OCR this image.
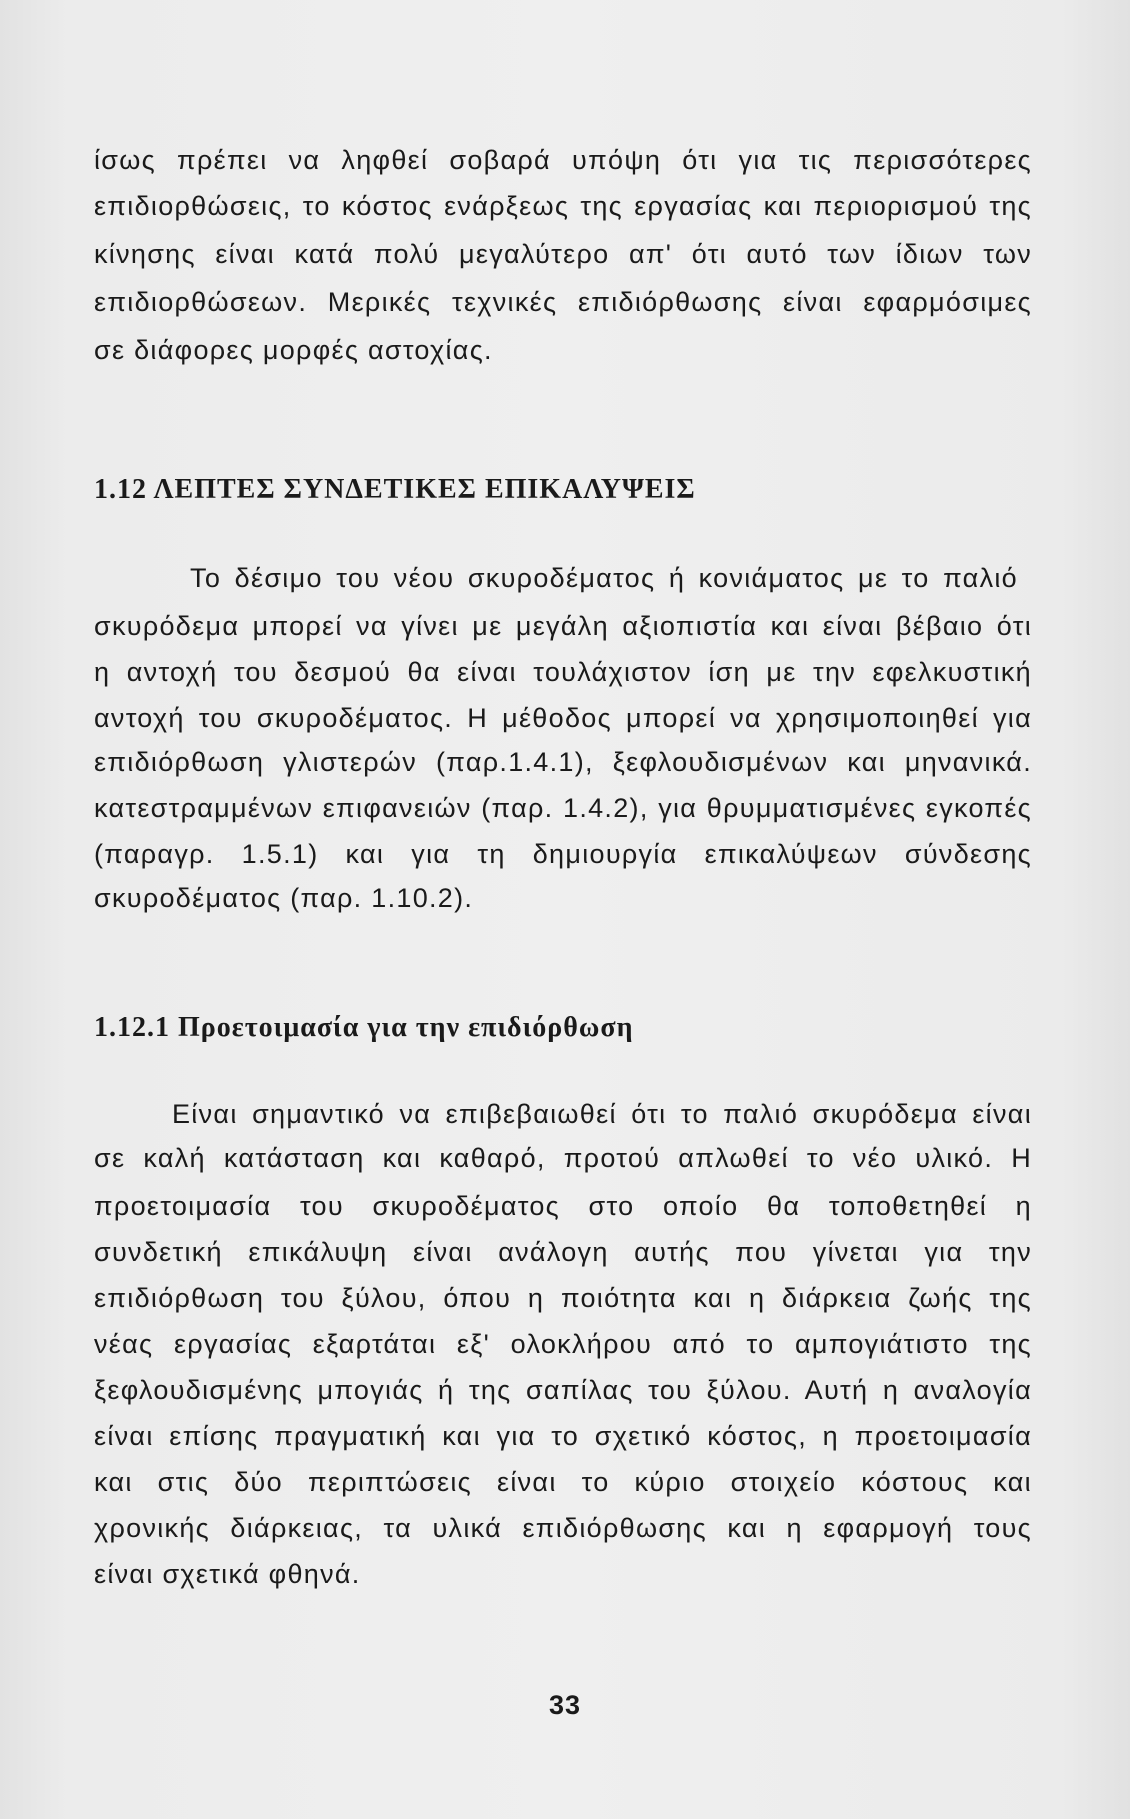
ίσως πρέπει να ληφθεί σοβαρά υπόψη ότι για τις περισσότερες

επιδιορθώσεις, το κόστος ενάρξεως της εργασίας και περιορισμού της

κίνησης είναι κατά πολύ μεγαλύτερο απ' ότι αυτό των ίδιων των

επιδιορθώσεων. Μερικές τεχνικές επιδιόρθωσης είναι εφαρμόσιμες

σε διάφορες μορφές αστοχίας.

1.12 ΛΕΠΤΕΣ ΣΥΝΔΕΤΙΚΕΣ ΕΠΙΚΑΛΥΨΕΙΣ

Το δέσιμο του νέου σκυροδέματος ή κονιάματος με το παλιό

σκυρόδεμα μπορεί να γίνει με μεγάλη αξιοπιστία και είναι βέβαιο ότι

η αντοχή του δεσμού θα είναι τουλάχιστον ίση με την εφελκυστική

αντοχή του σκυροδέματος. Η μέθοδος μπορεί να χρησιμοποιηθεί για

επιδιόρθωση γλιστερών (παρ.1.4.1), ξεφλουδισμένων και μηνανικά.

κατεστραμμένων επιφανειών (παρ. 1.4.2), για θρυμματισμένες εγκοπές

(παραγρ. 1.5.1) και για τη δημιουργία επικαλύψεων σύνδεσης

σκυροδέματος (παρ. 1.10.2).

1.12.1 Προετοιμασία για την επιδιόρθωση

Είναι σημαντικό να επιβεβαιωθεί ότι το παλιό σκυρόδεμα είναι

σε καλή κατάσταση και καθαρό, προτού απλωθεί το νέο υλικό. Η

προετοιμασία του σκυροδέματος στο οποίο θα τοποθετηθεί η

συνδετική επικάλυψη είναι ανάλογη αυτής που γίνεται για την

επιδιόρθωση του ξύλου, όπου η ποιότητα και η διάρκεια ζωής της

νέας εργασίας εξαρτάται εξ' ολοκλήρου από το αμπογιάτιστο της

ξεφλουδισμένης μπογιάς ή της σαπίλας του ξύλου. Αυτή η αναλογία

είναι επίσης πραγματική και για το σχετικό κόστος, η προετοιμασία

και στις δύο περιπτώσεις είναι το κύριο στοιχείο κόστους και

χρονικής διάρκειας, τα υλικά επιδιόρθωσης και η εφαρμογή τους

είναι σχετικά φθηνά.

33
